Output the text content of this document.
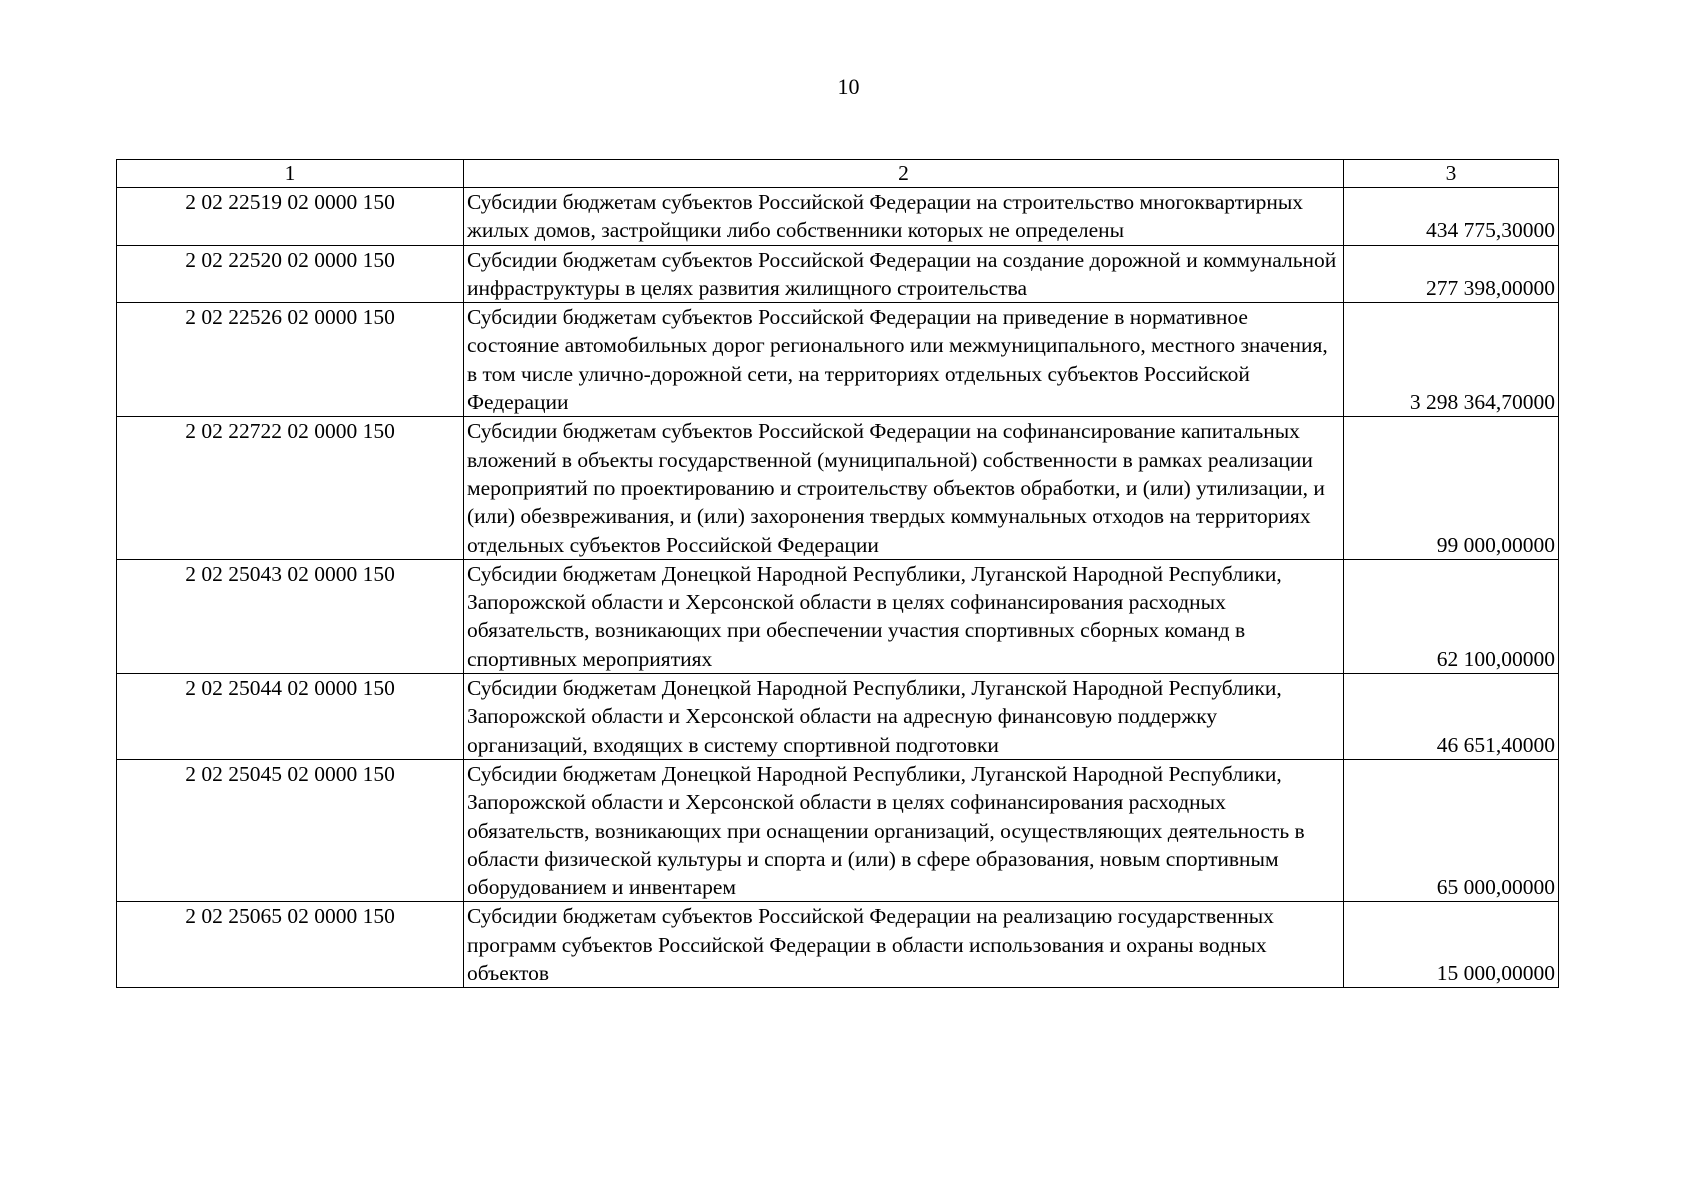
10
1	2	3
2 02 22519 02 0000 150	Субсидии бюджетам субъектов Российской Федерации на строительство многоквартирных жилых домов, застройщики либо собственники которых не определены	434 775,30000
2 02 22520 02 0000 150	Субсидии бюджетам субъектов Российской Федерации на создание дорожной и коммунальной инфраструктуры в целях развития жилищного строительства	277 398,00000
2 02 22526 02 0000 150	Субсидии бюджетам субъектов Российской Федерации на приведение в нормативное состояние автомобильных дорог регионального или межмуниципального, местного значения, в том числе улично-дорожной сети, на территориях отдельных субъектов Российской Федерации	3 298 364,70000
2 02 22722 02 0000 150	Субсидии бюджетам субъектов Российской Федерации на софинансирование капитальных вложений в объекты государственной (муниципальной) собственности в рамках реализации мероприятий по проектированию и строительству объектов обработки, и (или) утилизации, и (или) обезвреживания, и (или) захоронения твердых коммунальных отходов на территориях отдельных субъектов Российской Федерации	99 000,00000
2 02 25043 02 0000 150	Субсидии бюджетам Донецкой Народной Республики, Луганской Народной Республики, Запорожской области и Херсонской области в целях софинансирования расходных обязательств, возникающих при обеспечении участия спортивных сборных команд в спортивных мероприятиях	62 100,00000
2 02 25044 02 0000 150	Субсидии бюджетам Донецкой Народной Республики, Луганской Народной Республики, Запорожской области и Херсонской области на адресную финансовую поддержку организаций, входящих в систему спортивной подготовки	46 651,40000
2 02 25045 02 0000 150	Субсидии бюджетам Донецкой Народной Республики, Луганской Народной Республики, Запорожской области и Херсонской области в целях софинансирования расходных обязательств, возникающих при оснащении организаций, осуществляющих деятельность в области физической культуры и спорта и (или) в сфере образования, новым спортивным оборудованием и инвентарем	65 000,00000
2 02 25065 02 0000 150	Субсидии бюджетам субъектов Российской Федерации на реализацию государственных программ субъектов Российской Федерации в области использования и охраны водных объектов	15 000,00000
